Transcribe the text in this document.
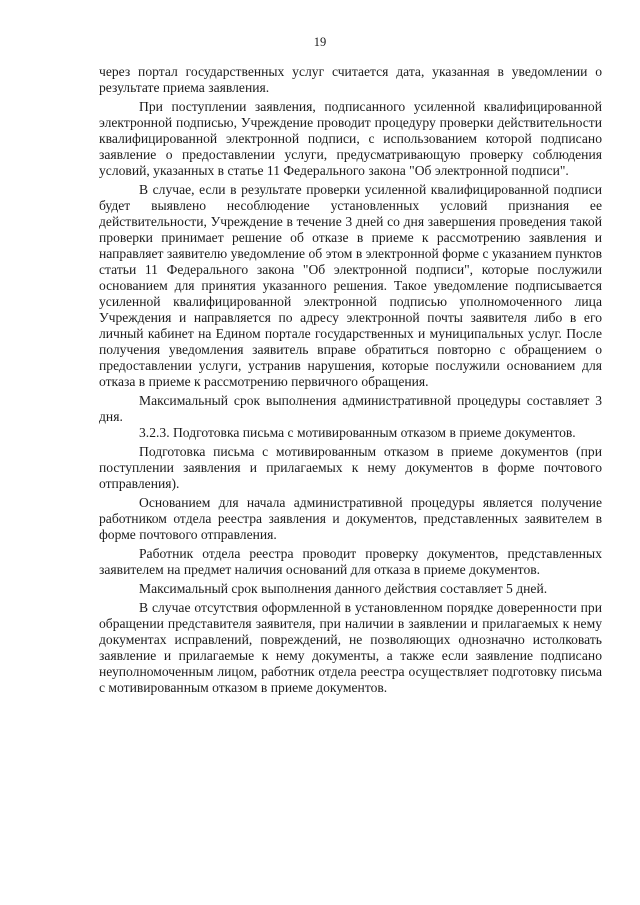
19

через портал государственных услуг считается дата, указанная в уведомлении о результате приема заявления.

При поступлении заявления, подписанного усиленной квалифицированной электронной подписью, Учреждение проводит процедуру проверки действительности квалифицированной электронной подписи, с использованием которой подписано заявление о предоставлении услуги, предусматривающую проверку соблюдения условий, указанных в статье 11 Федерального закона "Об электронной подписи".

В случае, если в результате проверки усиленной квалифицированной подписи будет выявлено несоблюдение установленных условий признания ее действительности, Учреждение в течение 3 дней со дня завершения проведения такой проверки принимает решение об отказе в приеме к рассмотрению заявления и направляет заявителю уведомление об этом в электронной форме с указанием пунктов статьи 11 Федерального закона "Об электронной подписи", которые послужили основанием для принятия указанного решения. Такое уведомление подписывается усиленной квалифицированной электронной подписью уполномоченного лица Учреждения и направляется по адресу электронной почты заявителя либо в его личный кабинет на Едином портале государственных и муниципальных услуг. После получения уведомления заявитель вправе обратиться повторно с обращением о предоставлении услуги, устранив нарушения, которые послужили основанием для отказа в приеме к рассмотрению первичного обращения.

Максимальный срок выполнения административной процедуры составляет 3 дня.

3.2.3. Подготовка письма с мотивированным отказом в приеме документов.

Подготовка письма с мотивированным отказом в приеме документов (при поступлении заявления и прилагаемых к нему документов в форме почтового отправления).

Основанием для начала административной процедуры является получение работником отдела реестра заявления и документов, представленных заявителем в форме почтового отправления.

Работник отдела реестра проводит проверку документов, представленных заявителем на предмет наличия оснований для отказа в приеме документов.

Максимальный срок выполнения данного действия составляет 5 дней.

В случае отсутствия оформленной в установленном порядке доверенности при обращении представителя заявителя, при наличии в заявлении и прилагаемых к нему документах исправлений, повреждений, не позволяющих однозначно истолковать заявление и прилагаемые к нему документы, а также если заявление подписано неуполномоченным лицом, работник отдела реестра осуществляет подготовку письма с мотивированным отказом в приеме документов.
